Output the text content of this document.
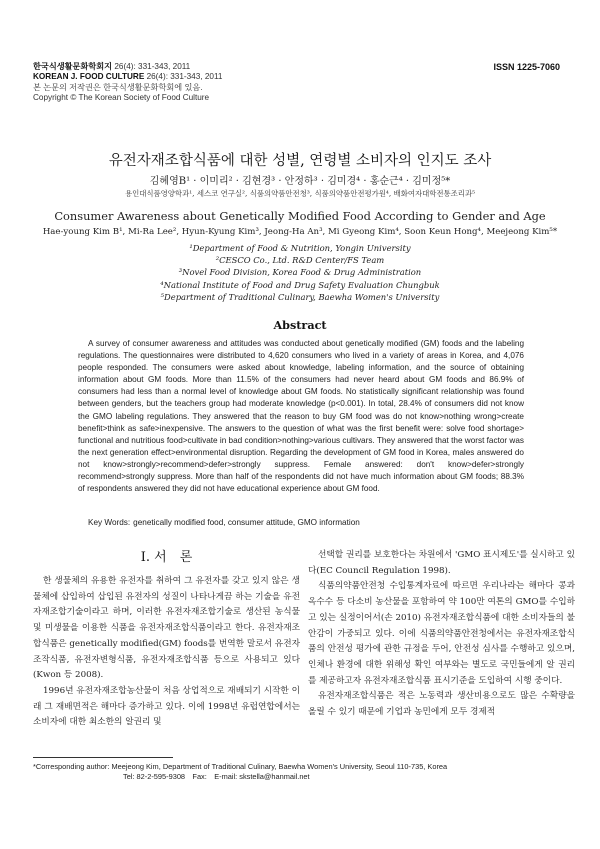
한국식생활문화학회지 26(4): 331-343, 2011
KOREAN J. FOOD CULTURE 26(4): 331-343, 2011
본 논문의 저작권은 한국식생활문화학회에 있음.
Copyright © The Korean Society of Food Culture
ISSN 1225-7060
유전자재조합식품에 대한 성별, 연령별 소비자의 인지도 조사
김혜영B¹ · 이미리² · 김현경³ · 안정하³ · 김미경⁴ · 홍순근⁴ · 김미정⁵*
용인대식품영양학과¹, 세스코 연구실², 식품의약품안전청³, 식품의약품안전평가원⁴, 배화여자대학전통조리과⁵
Consumer Awareness about Genetically Modified Food According to Gender and Age
Hae-young Kim B¹, Mi-Ra Lee², Hyun-Kyung Kim³, Jeong-Ha An³, Mi Gyeong Kim⁴, Soon Keun Hong⁴, Meejeong Kim⁵*
¹Department of Food & Nutrition, Yongin University
²CESCO Co., Ltd. R&D Center/FS Team
³Novel Food Division, Korea Food & Drug Administration
⁴National Institute of Food and Drug Safety Evaluation Chungbuk
⁵Department of Traditional Culinary, Baewha Women's University
Abstract

A survey of consumer awareness and attitudes was conducted about genetically modified (GM) foods and the labeling regulations. The questionnaires were distributed to 4,620 consumers who lived in a variety of areas in Korea, and 4,076 people responded. The consumers were asked about knowledge, labeling information, and the source of obtaining information about GM foods. More than 11.5% of the consumers had never heard about GM foods and 86.9% of consumers had less than a normal level of knowledge about GM foods. No statistically significant relationship was found between genders, but the teachers group had moderate knowledge (p<0.001). In total, 28.4% of consumers did not know the GMO labeling regulations. They answered that the reason to buy GM food was do not know>nothing wrong>create benefit>think as safe>inexpensive. The answers to the question of what was the first benefit were: solve food shortage> functional and nutritious food>cultivate in bad condition>nothing>various cultivars. They answered that the worst factor was the next generation effect>environmental disruption. Regarding the development of GM food in Korea, males answered do not know>strongly>recommend>defer>strongly suppress. Female answered: don't know>defer>strongly recommend>strongly suppress. More than half of the respondents did not have much information about GM foods; 88.3% of respondents answered they did not have educational experience about GM food.

Key Words: genetically modified food, consumer attitude, GMO information
Ⅰ. 서　론

한 생물체의 유용한 유전자를 취하여 그 유전자를 갖고 있지 않은 생물체에 삽입하여 삽입된 유전자의 성질이 나타나게끔 하는 기술을 유전자재조합기술이라고 하며, 이러한 유전자재조합기술로 생산된 농식물 및 미생물을 이용한 식품을 유전자재조합식품이라고 한다. 유전자재조합식품은 genetically modified(GM) foods를 번역한 말로서 유전자조작식품, 유전자변형식품, 유전자재조합식품 등으로 사용되고 있다(Kwon 등 2008).

1996년 유전자재조합농산물이 처음 상업적으로 재배되기 시작한 이래 그 재배면적은 해마다 증가하고 있다. 이에 1998년 유럽연합에서는 소비자에 대한 최소한의 알권리 및

선택할 권리를 보호한다는 차원에서 'GMO 표시제도'를 실시하고 있다(EC Council Regulation 1998).

식품의약품안전청 수입통계자료에 따르면 우리나라는 해마다 콩과 옥수수 등 다소비 농산물을 포함하여 약 100만 여톤의 GMO를 수입하고 있는 실정이어서(손 2010) 유전자재조합식품에 대한 소비자들의 불안감이 가중되고 있다. 이에 식품의약품안전청에서는 유전자재조합식품의 안전성 평가에 관한 규정을 두어, 안전성 심사를 수행하고 있으며, 인체나 환경에 대한 위해성 확인 여부와는 별도로 국민들에게 알 권리를 제공하고자 유전자재조합식품 표시기준을 도입하여 시행 중이다.

유전자재조합식품은 적은 노동력과 생산비용으로도 많은 수확량을 올릴 수 있기 때문에 기업과 농민에게 모두 경제적

*Corresponding author: Meejeong Kim, Department of Traditional Culinary, Baewha Women's University, Seoul 110-735, Korea
Tel: 82-2-595-9308　Fax:　E-mail: skstella@hanmail.net
